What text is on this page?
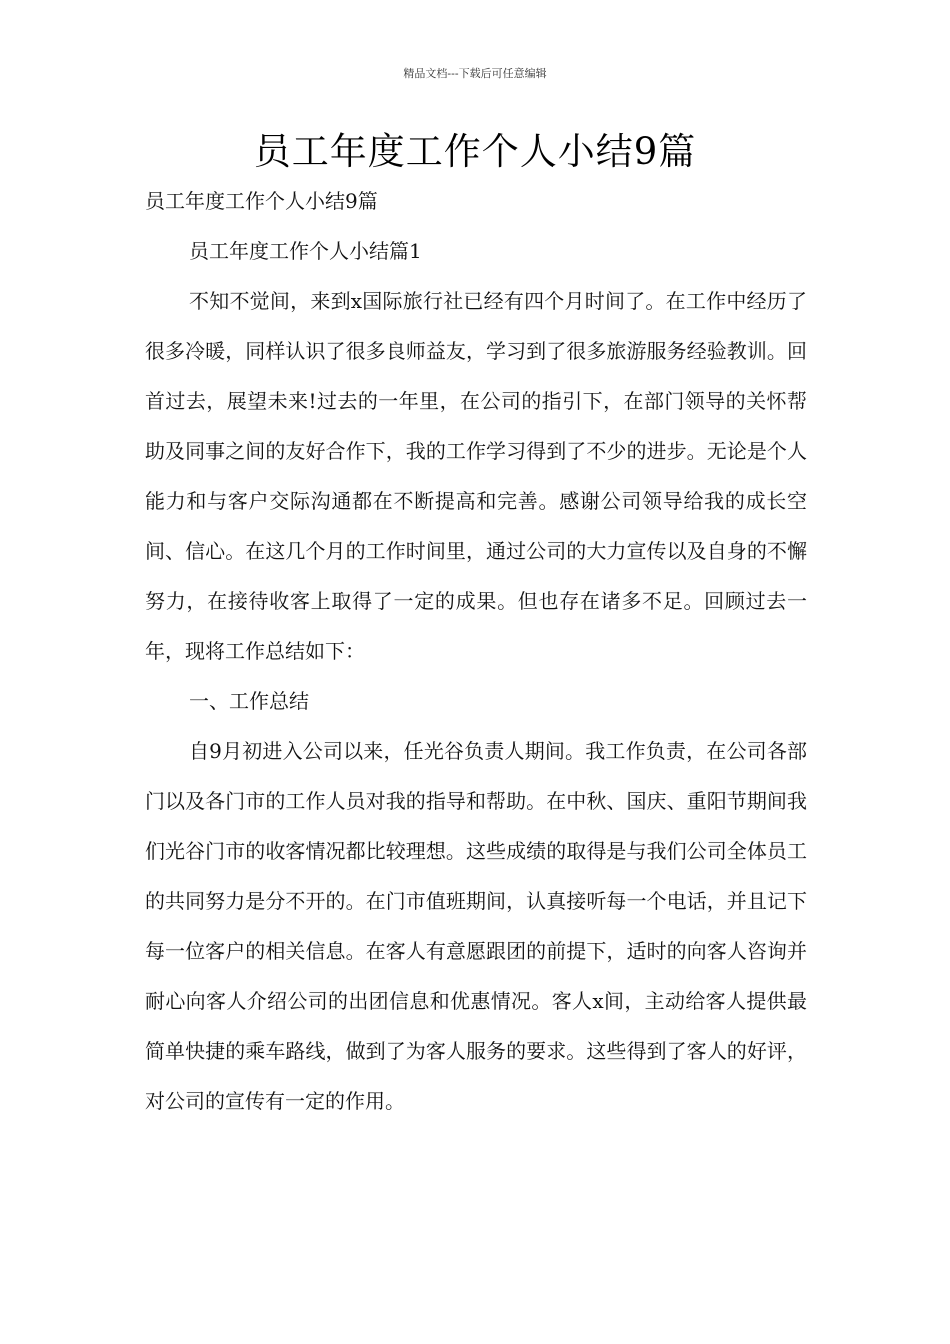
精品文档---下载后可任意编辑
员工年度工作个人小结9篇

员工年度工作个人小结9篇

员工年度工作个人小结篇1

不知不觉间，来到x国际旅行社已经有四个月时间了。在工作中经历了很多冷暖，同样认识了很多良师益友，学习到了很多旅游服务经验教训。回首过去，展望未来!过去的一年里，在公司的指引下，在部门领导的关怀帮助及同事之间的友好合作下，我的工作学习得到了不少的进步。无论是个人能力和与客户交际沟通都在不断提高和完善。感谢公司领导给我的成长空间、信心。在这几个月的工作时间里，通过公司的大力宣传以及自身的不懈努力，在接待收客上取得了一定的成果。但也存在诸多不足。回顾过去一年，现将工作总结如下：

一、工作总结

自9月初进入公司以来，任光谷负责人期间。我工作负责，在公司各部门以及各门市的工作人员对我的指导和帮助。在中秋、国庆、重阳节期间我们光谷门市的收客情况都比较理想。这些成绩的取得是与我们公司全体员工的共同努力是分不开的。在门市值班期间，认真接听每一个电话，并且记下每一位客户的相关信息。在客人有意愿跟团的前提下，适时的向客人咨询并耐心向客人介绍公司的出团信息和优惠情况。客人x间，主动给客人提供最简单快捷的乘车路线，做到了为客人服务的要求。这些得到了客人的好评，对公司的宣传有一定的作用。
